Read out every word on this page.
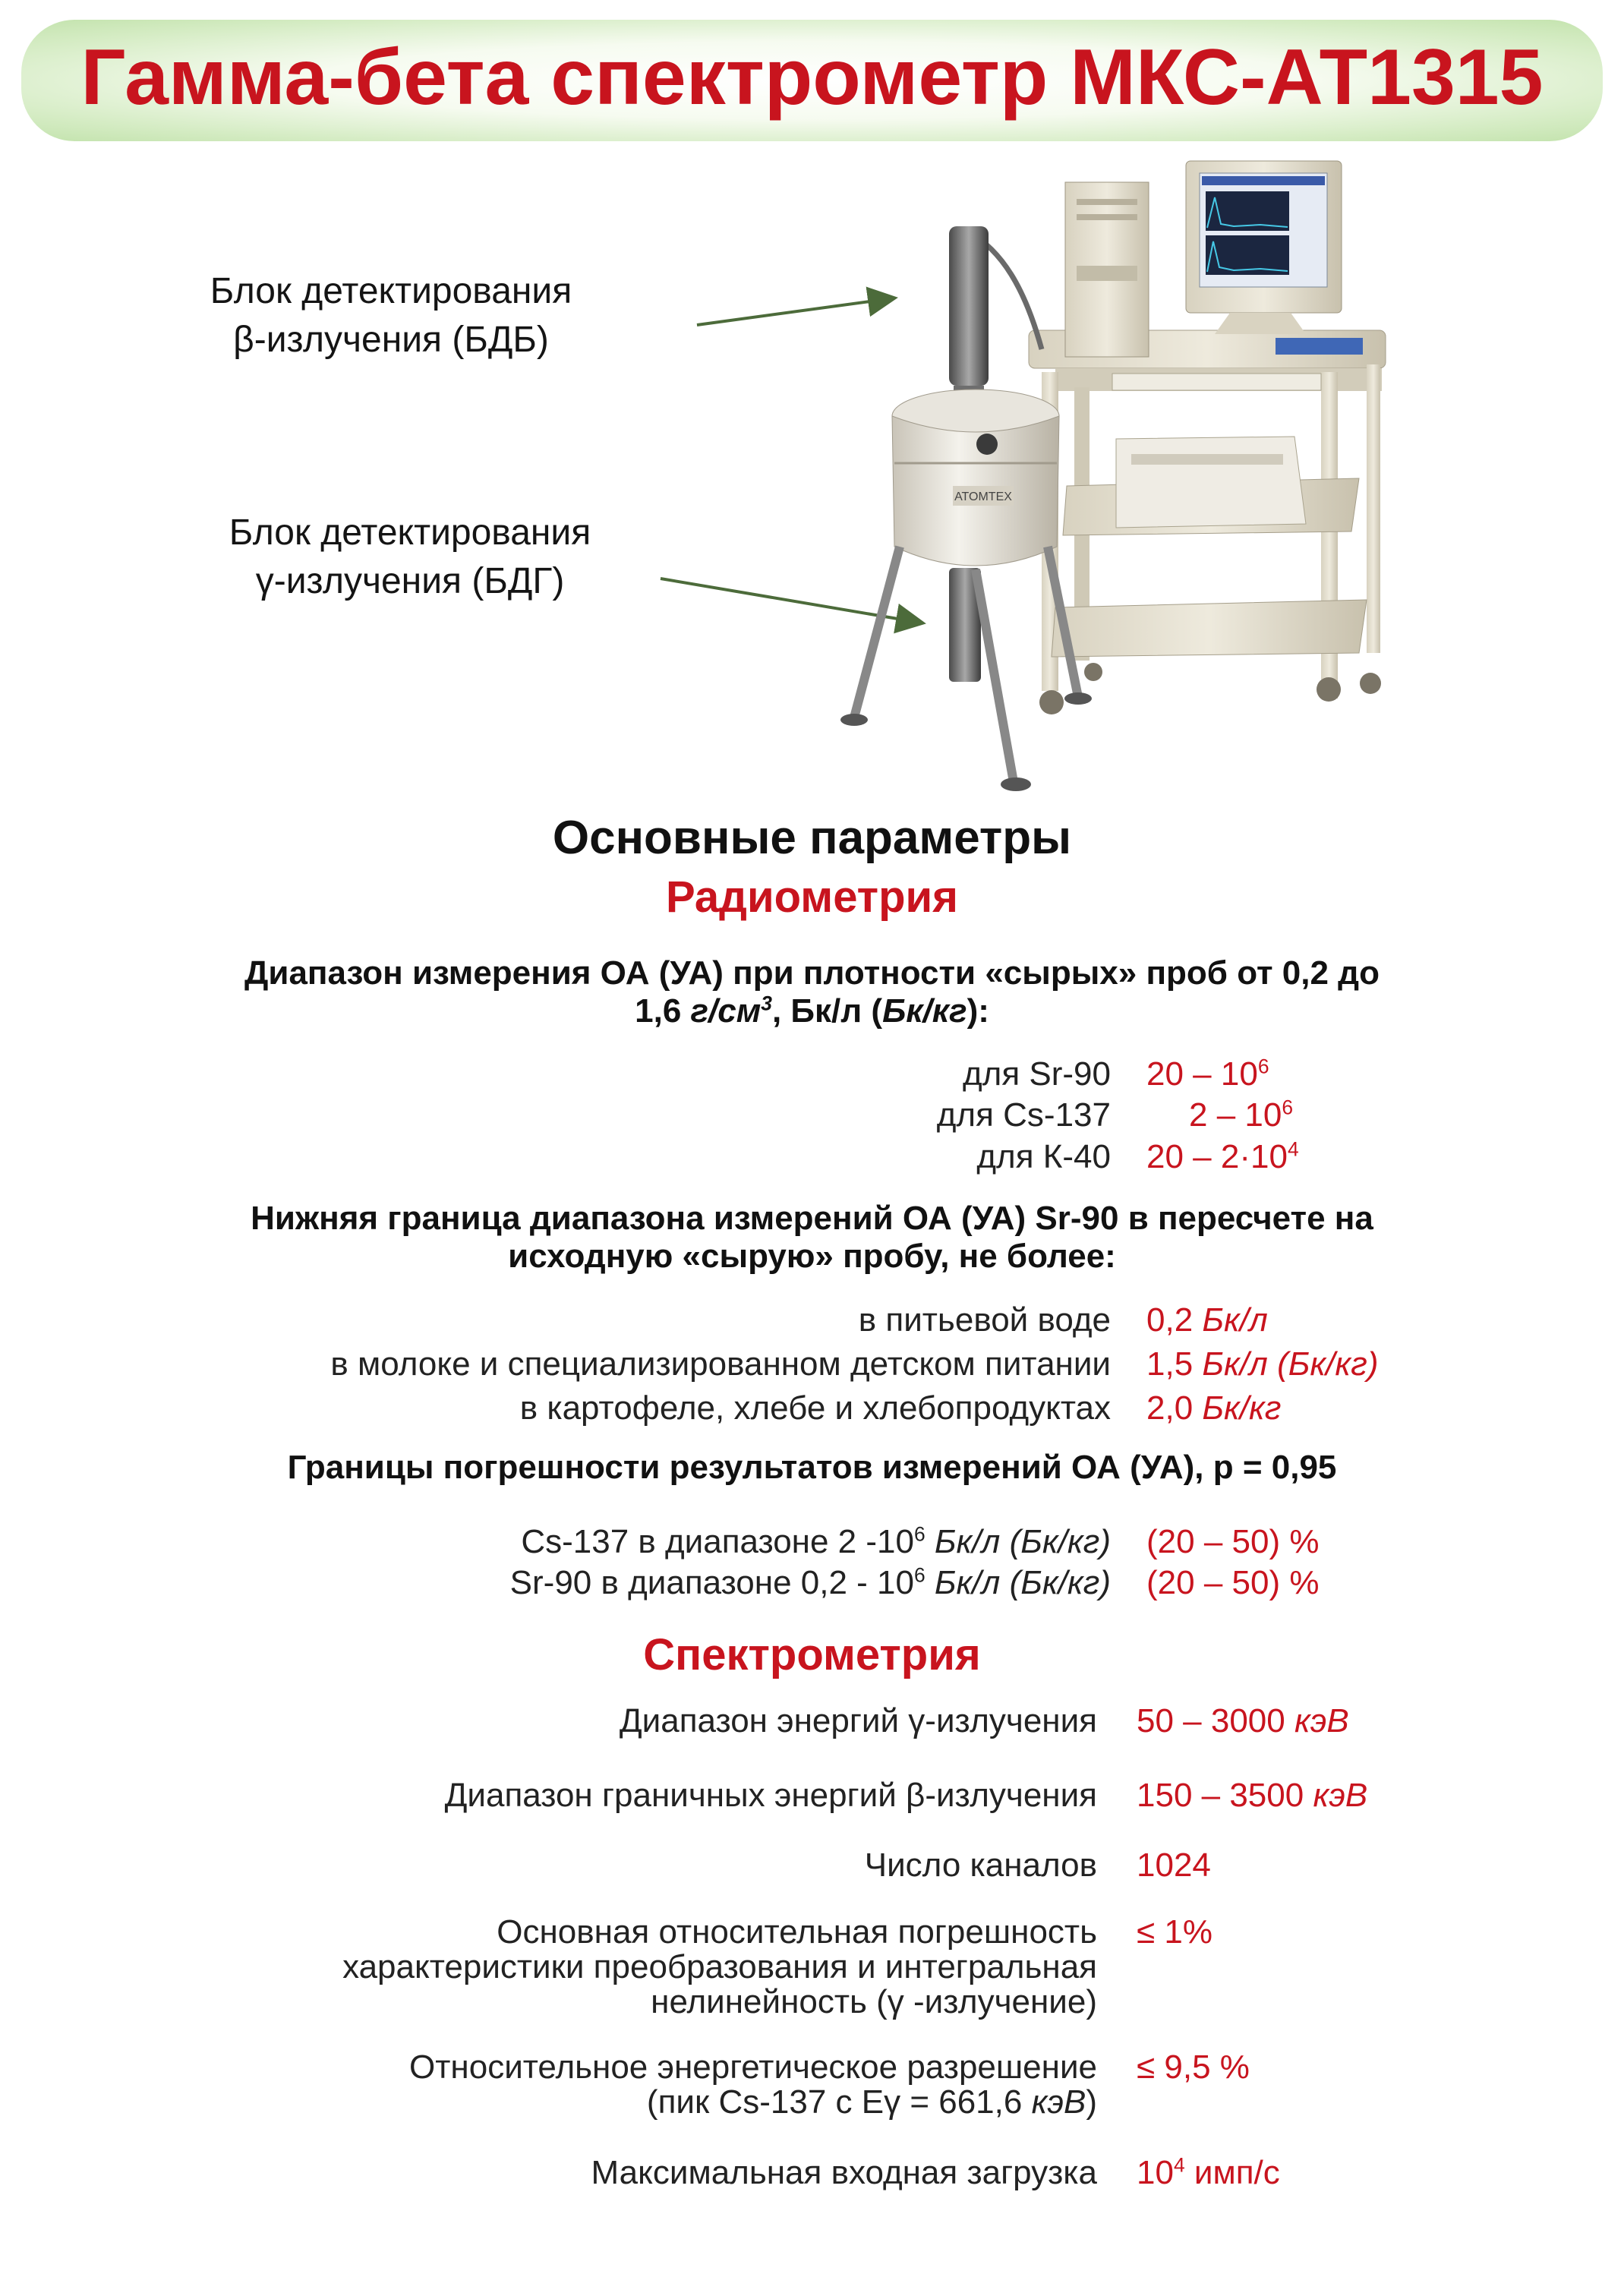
Гамма-бета спектрометр МКС-АТ1315
Блок детектирования
β-излучения (БДБ)
Блок детектирования
γ-излучения (БДГ)
ATOMTEX
Основные параметры
Радиометрия
Диапазон измерения ОА (УА) при плотности «сырых» проб от 0,2 до
1,6 $г/см^3$, Бк/л (Бк/кг):
для Sr-90 $20 - 10^6$
для Cs-137 $2 - 10^6$
для К-40 $20 - 2\cdot 10^4$
Нижняя граница диапазона измерений ОА (УА) Sr-90 в пересчете на
исходную «сырую» пробу, не более:
в питьевой воде 0,2 Бк/л
в молоке и специализированном детском питании 1,5 Бк/л (Бк/кг)
в картофеле, хлебе и хлебопродуктах 2,0 Бк/кг
Границы погрешности результатов измерений ОА (УА), р = 0,95
Cs-137 в диапазоне 2 $-10^6$ Бк/л (Бк/кг) (20 – 50) %
Sr-90 в диапазоне $0,2 - 10^6$ Бк/л (Бк/кг) (20 – 50) %
Спектрометрия
Диапазон энергий γ-излучения 50 – 3000 кэВ
Диапазон граничных энергий β-излучения 150 – 3500 кэВ
Число каналов 1024
Основная относительная погрешность
характеристики преобразования и интегральная
нелинейность (γ -излучение)
≤ 1%
Относительное энергетическое разрешение
(пик Cs-137 с Eγ = 661,6 кэВ)
≤ 9,5 %
Максимальная входная загрузка $10^4$ имп/с
